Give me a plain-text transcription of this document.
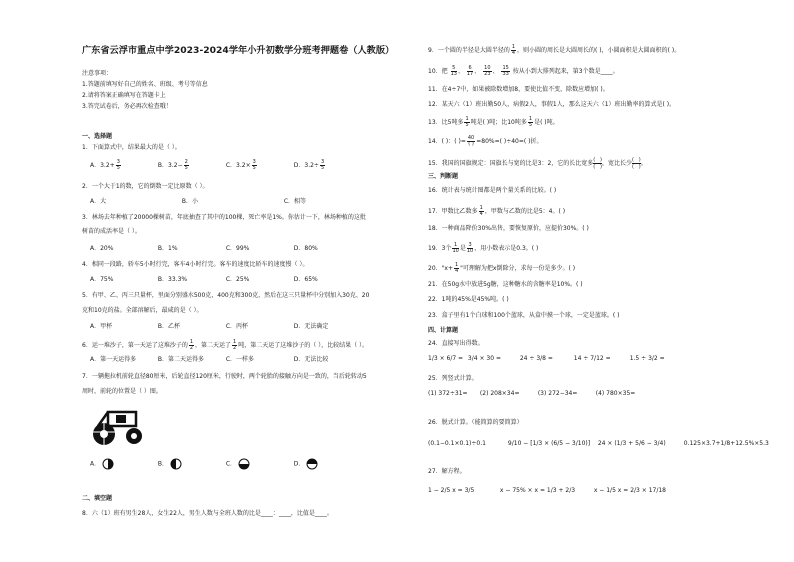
广东省云浮市重点中学2023-2024学年小升初数学分班考押题卷（人教版）
注意事项：
1.答题前填写好自己的姓名、班级、考号等信息
2.请将答案正确填写在答题卡上
3.答完试卷后，务必再次检查哦！
一、选择题
1．下面算式中，结果最大的是（ ）。
A．$3.2+ \frac{3}{5}$	B．$3.2- \frac{2}{5}$	C．$3.2\times \frac{3}{5}$	D．$3.2\div \frac{3}{5}$
2．一个大于1的数，它的倒数一定比原数（ ）。
A．大	B．小	C．相等
3．林场去年种植了20000棵树苗，年底抽查了其中的100棵，死亡率是1%。你估计一下，林场种植的这批
树苗的成活率是（ ）。
A．20%	B．1%	C．99%	D．80%
4．相同一段路，轿车5小时行完，客车4小时行完。客车的速度比轿车的速度慢（ ）。
A．75%	B．33.3%	C．25%	D．65%
5．有甲、乙、丙三只量杯，里面分别盛水500克，400克和300克，然后在这三只量杯中分别加入30克、20
克和10克的盐。全部溶解后，最咸的是（ ）。
A．甲杯	B．乙杯	C．丙杯	D．无法确定
6．运一堆沙子，第一天运了这堆沙子的 $\frac{1}{2}$ ，第二天运了 $\frac{1}{2}$ 吨，第二天运了这堆沙子的（ ），比较结果（ ）。
A．第一天运得多	B．第二天运得多	C．一样多	D．无法比较
7．一辆拖拉机前轮直径80厘米，后轮直径120厘米，行驶时，两个轮胎的接触方向是一致的，当后轮转动5
周时，前轮的位置是（ ）图。
A．	B．	C．	D．
二、填空题
8．六（1）班有男生28人，女生22人，男生人数与全班人数的比是____：____，比值是____。
9．一个圆的半径是大圆半径的 $\frac{1}{4}$ ，则小圆的周长是大圆周长的( )，小圆面积是大圆面积的( )。
10．把 $\frac{5}{13}$ 、 $\frac{6}{17}$ 、 $\frac{10}{23}$ 、 $\frac{15}{33}$ 按从小到大排列起来，第3个数是____。
11．在4÷7中，如果被除数增加8，要使比值不变，除数应增加( )。
12．某天六（1）班出勤50人，病假2人，事假1人，那么这天六（1）班出勤率的算式是( )。
13．比5吨多 $\frac{1}{5}$ 吨是( )吨；比10吨多 $\frac{1}{5}$ 是( )吨。
14．( )：( )= $\frac{40}{( )} =80\%=$( )÷40=( )折。
15．我国的国旗规定：国旗长与宽的比是3：2，它的长比宽多 $\frac{( )}{( )}$ ，宽比长少 $\frac{( )}{( )}$ 。
三、判断题
16．统计表与统计图都是两个量关系的比较。( )
17．甲数比乙数多 $\frac{1}{4}$ ，甲数与乙数的比是5：4。( )
18．一种商品降价30%出售，要恢复原价，应提价30%。( )
19．3个 $\frac{1}{10}$ 是 $\frac{3}{10}$ ，用小数表示是0.3。( )
20．"$x+ \frac{1}{4}$ "可理解为把x倒除分，求每一份是多少。( )
21．在50g水中放进5g糖，这种糖水的含糖率是10%。( )
22．1吨的45%是45%吨。( )
23．盒子里有1个白球和100个蓝球，从盒中摸一个球，一定是蓝球。( )
四、计算题
24．直接写出得数。
1/3 × 6/7 = 3/4 × 30 =	24 ÷ 3/8 =	14 ÷ 7/12 =	1.5 ÷ 3/2 =
25．列竖式计算。
(1) 372÷31= (2) 208×34=	(3) 272−34=	(4) 780×35=
26．脱式计算。（能简算的要简算）
(0.1−0.1×0.1)÷0.1	9/10 − [1/3 × (6/5 − 3/10)] 24 × (1/3 + 5/6 − 3/4)	0.125×3.7+1/8+12.5%×5.3
27．解方程。
1 − 2/5 x = 3/5	x − 75% × x = 1/3 + 2/3	x − 1/5 x = 2/3 × 17/18
